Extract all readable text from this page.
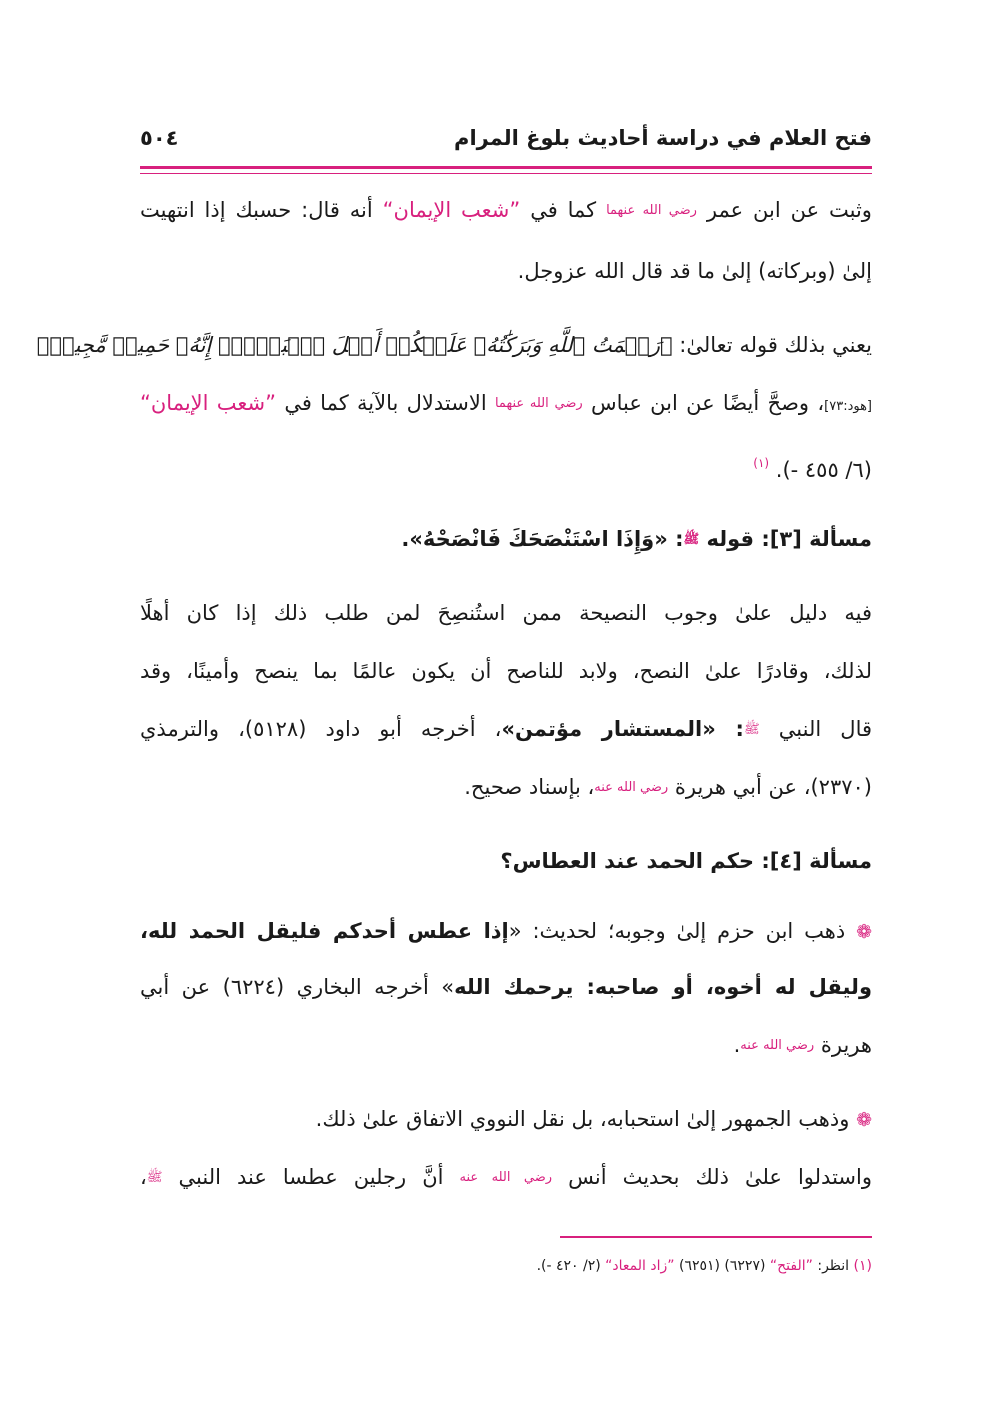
فتح العلام في دراسة أحاديث بلوغ المرام
٥٠٤
وثبت عن ابن عمر رضي الله عنهما كما في ”شعب الإيمان“ أنه قال: حسبك إذا انتهيت
إلىٰ (وبركاته) إلىٰ ما قد قال الله عزوجل.
يعني بذلك قوله تعالىٰ: ﴿رَحۡمَتُ ٱللَّهِ وَبَرَكَٰتُهُۥ عَلَيۡكُمۡ أَهۡلَ ٱلۡبَيۡتِۚ إِنَّهُۥ حَمِيدٞ مَّجِيدٞ﴾
[هود:٧٣]، وصحَّ أيضًا عن ابن عباس رضي الله عنهما الاستدلال بالآية كما في ”شعب الإيمان“
(٦/ ٤٥٥ -). $^{(١)}$
مسألة [٣]: قوله ﷺ: «وَإِذَا اسْتَنْصَحَكَ فَانْصَحْهُ».
فيه دليل علىٰ وجوب النصيحة ممن استُنصِحَ لمن طلب ذلك إذا كان أهلًا
لذلك، وقادرًا علىٰ النصح، ولابد للناصح أن يكون عالمًا بما ينصح وأمينًا، وقد
قال النبي ﷺ: «المستشار مؤتمن»، أخرجه أبو داود (٥١٢٨)، والترمذي
(٢٣٧٠)، عن أبي هريرة رضي الله عنه، بإسناد صحيح.
مسألة [٤]: حكم الحمد عند العطاس؟
❁ ذهب ابن حزم إلىٰ وجوبه؛ لحديث: «إذا عطس أحدكم فليقل الحمد لله،
وليقل له أخوه، أو صاحبه: يرحمك الله» أخرجه البخاري (٦٢٢٤) عن أبي
هريرة رضي الله عنه.
❁ وذهب الجمهور إلىٰ استحبابه، بل نقل النووي الاتفاق علىٰ ذلك.
واستدلوا علىٰ ذلك بحديث أنس رضي الله عنه أنَّ رجلين عطسا عند النبي ﷺ،
(١) انظر: ”الفتح“ (٦٢٢٧) (٦٢٥١) ”زاد المعاد“ (٢/ ٤٢٠ -).
